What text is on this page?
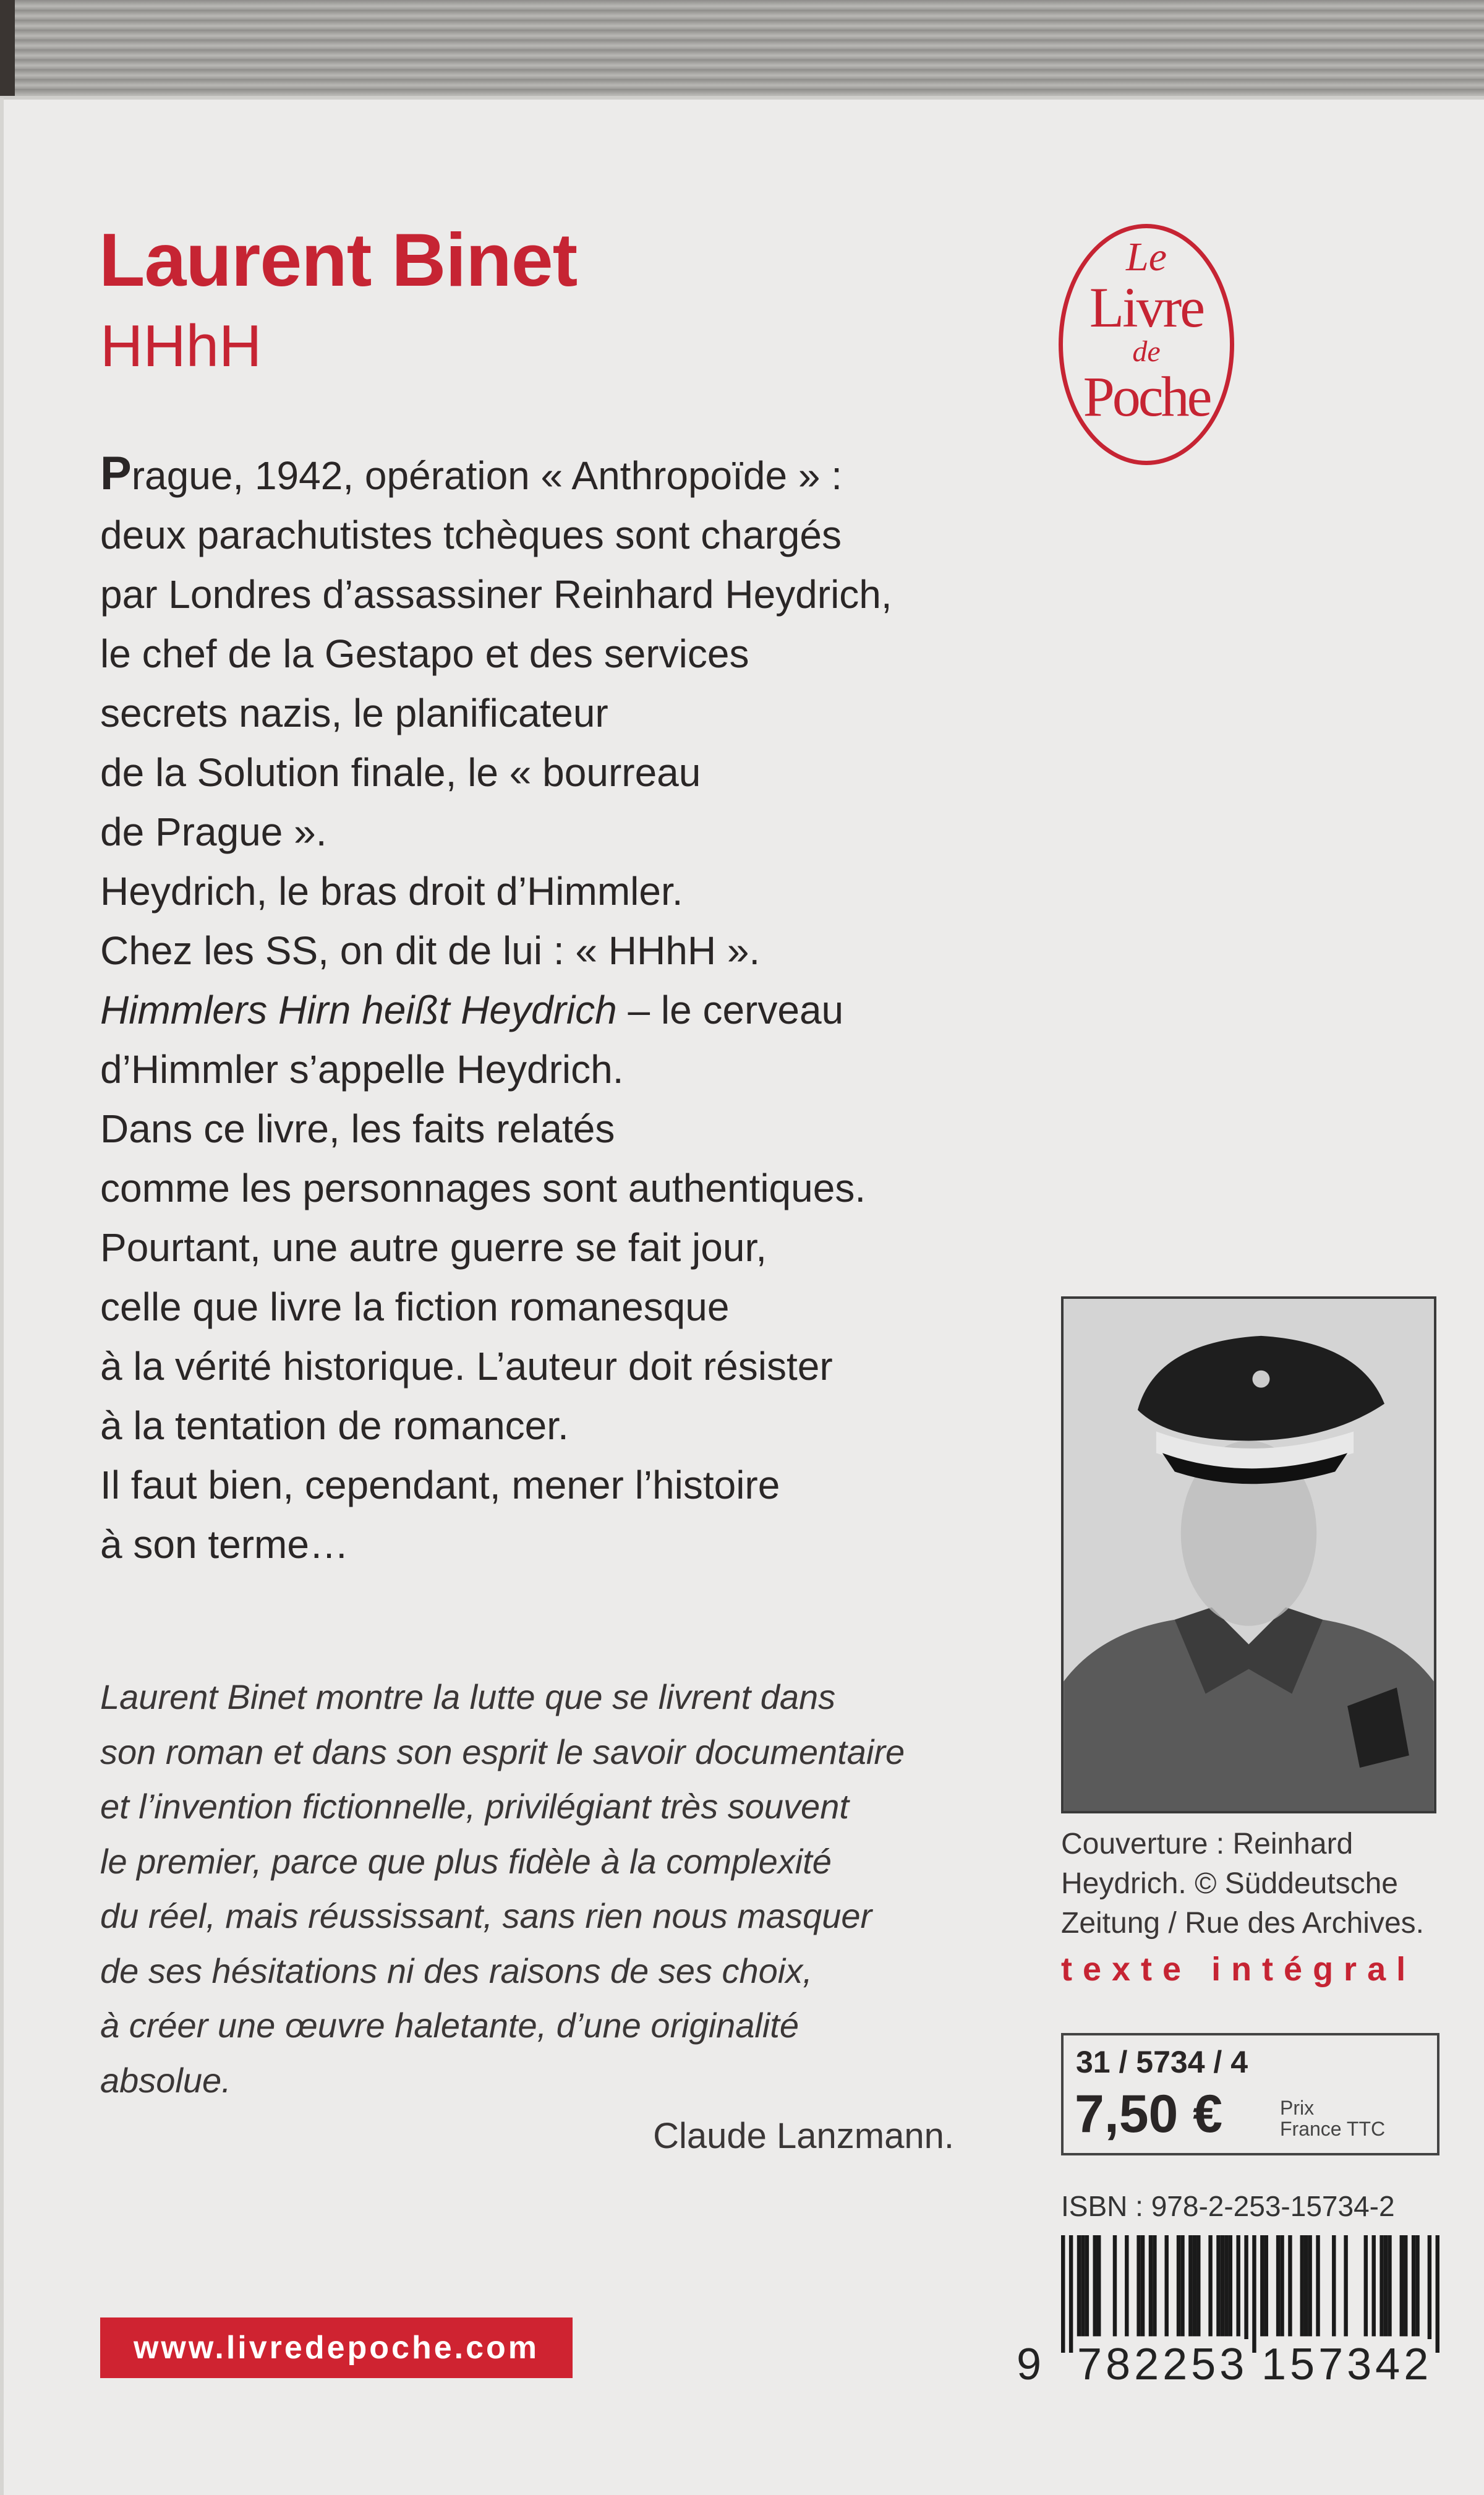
Laurent Binet
HHhH
Le
Livre
de
Poche
Prague, 1942, opération « Anthropoïde » :
deux parachutistes tchèques sont chargés
par Londres d’assassiner Reinhard Heydrich,
le chef de la Gestapo et des services
secrets nazis, le planificateur
de la Solution finale, le « bourreau
de Prague ».
Heydrich, le bras droit d’Himmler.
Chez les SS, on dit de lui : « HHhH ».
Himmlers Hirn heißt Heydrich – le cerveau
d’Himmler s’appelle Heydrich.
Dans ce livre, les faits relatés
comme les personnages sont authentiques.
Pourtant, une autre guerre se fait jour,
celle que livre la fiction romanesque
à la vérité historique. L’auteur doit résister
à la tentation de romancer.
Il faut bien, cependant, mener l’histoire
à son terme…
Laurent Binet montre la lutte que se livrent dans
son roman et dans son esprit le savoir documentaire
et l’invention fictionnelle, privilégiant très souvent
le premier, parce que plus fidèle à la complexité
du réel, mais réussissant, sans rien nous masquer
de ses hésitations ni des raisons de ses choix,
à créer une œuvre haletante, d’une originalité
absolue.
Claude Lanzmann.
Couverture : Reinhard
Heydrich. © Süddeutsche
Zeitung / Rue des Archives.
texte intégral
31 / 5734 / 4
7,50 €	Prix
France TTC
ISBN : 978-2-253-15734-2
9 782253 157342
www.livredepoche.com
